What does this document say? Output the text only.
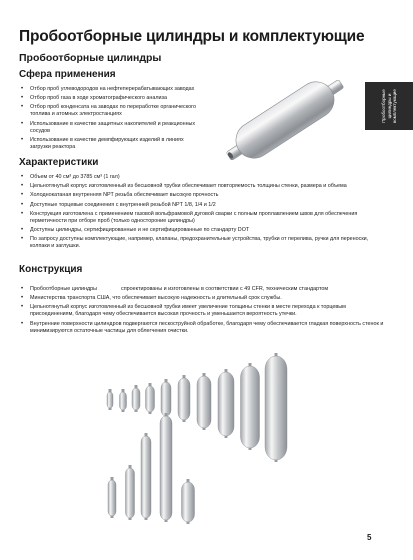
Пробоотборные цилиндры и комплектующие
Пробоотборные цилиндры
Пробоотборные цилиндры и комплектующие
Сфера применения
• Отбор проб углеводородов на нефтеперерабатывающих заводах
• Отбор проб газа в ходе хроматографического анализа
• Отбор проб конденсата на заводах по переработке органического топлива и атомных электростанциях
• Использование в качестве защитных накопителей и реакционных сосудов
• Использование в качестве демпфирующих изделий в линиях загрузки реактора
Характеристики
• Объем от 40 см³ до 3785 см³ (1 гал)
• Цельнотянутый корпус изготовленный из бесшовной трубки обеспечивает повторяемость толщины стенки, размера и объема
• Холоднокатаная внутренняя NPT резьба обеспечивает высокую прочность
• Доступные торцевые соединения с внутренней резьбой NPT 1/8, 1/4 и 1/2
• Конструкция изготовлена с применением газовой вольфрамовой дуговой сварки с полным проплавлением швов для обеспечения герметичности при отборе проб (только одностороние цилиндры)
• Доступны цилиндры, сертифицированные и не сертифицированные по стандарту DOT
• По запросу доступны комплектующие, например, клапаны, предохранительные устройства, трубки от перелива, ручки для переноски, колпаки и заглушки.
Конструкция
• Пробоотборные цилиндры	спроектированы и изготовлены в соответствии с 49 CFR, техническим стандартом
• Министерства транспорта США, что обеспечивает высокую надежность и длительный срок службы.
• Цельнотянутый корпус изготовленный из бесшовной трубки имеет увеличение толщины стенки в месте перехода к торцевым присоединениям, благодаря чему обеспечивается высокая прочность и уменьшается вероятность утечки.
• Внутренние поверхности цилиндров подвергаются пескоструйной обработке, благодаря чему обеспечивается гладкая поверхность стенок и минимизируются остаточные частицы для облегчения очистки.
5
